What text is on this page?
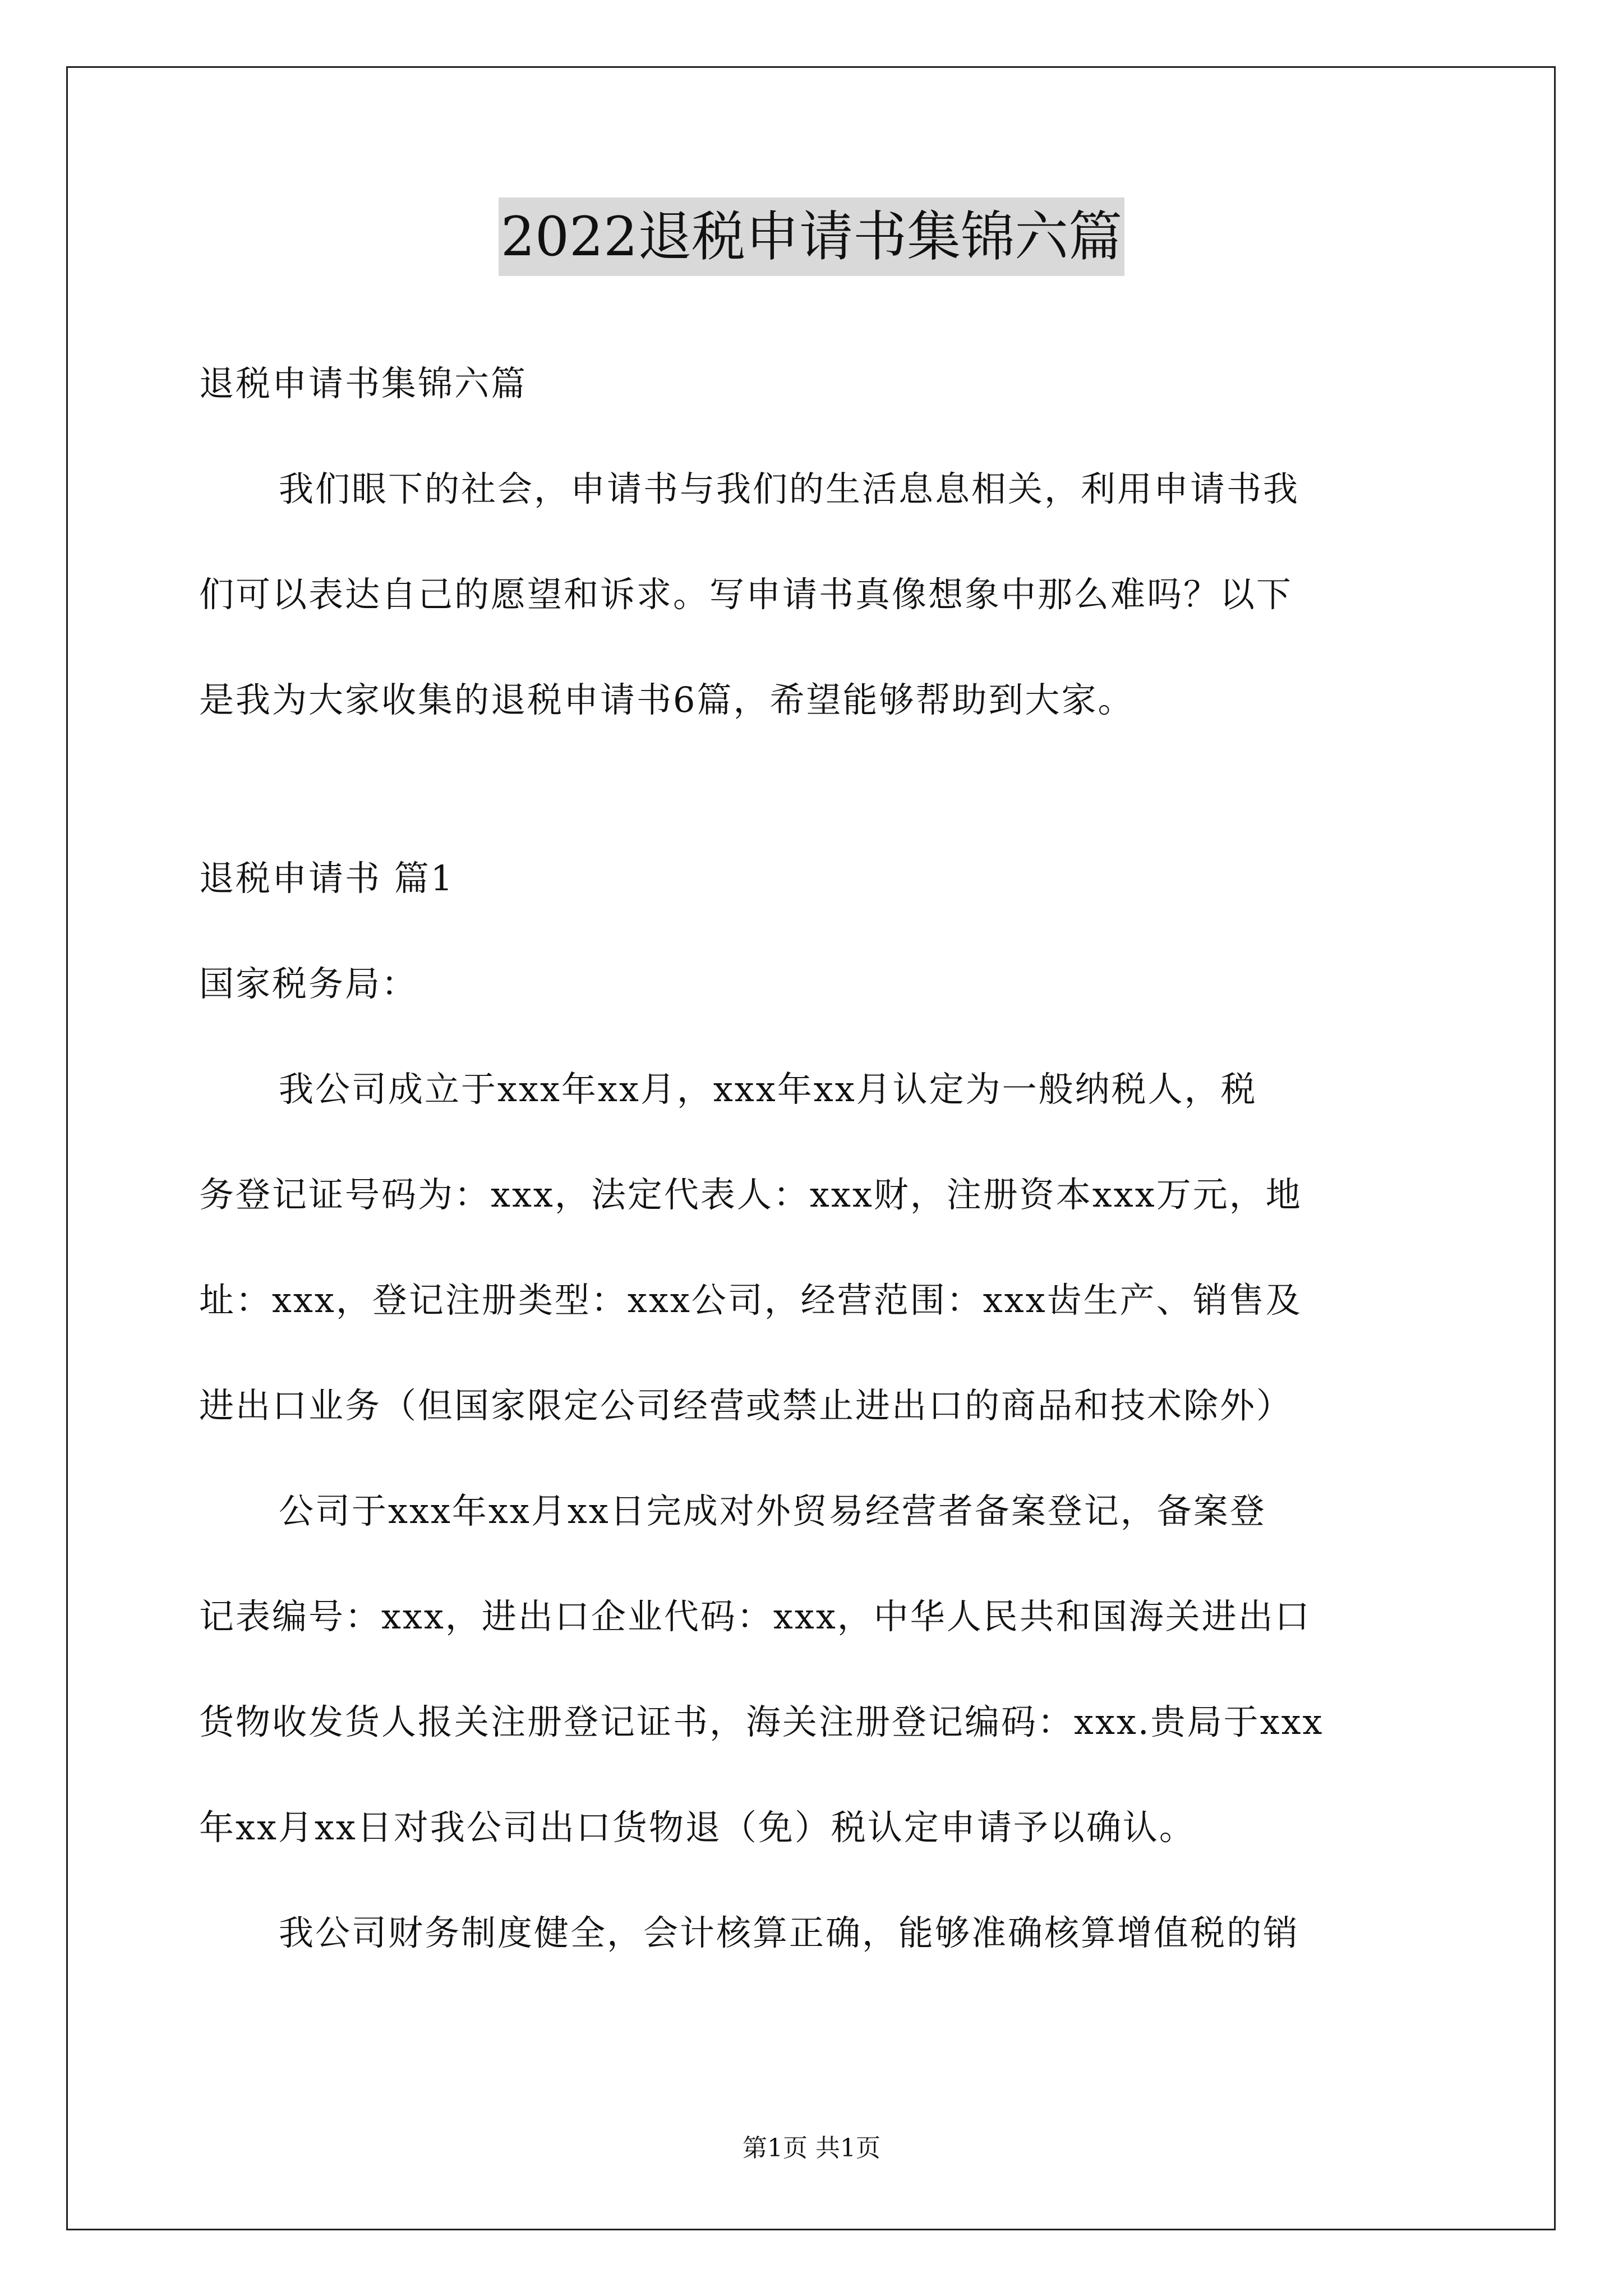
2022退税申请书集锦六篇
退税申请书集锦六篇
我们眼下的社会，申请书与我们的生活息息相关，利用申请书我
们可以表达自己的愿望和诉求。写申请书真像想象中那么难吗？以下
是我为大家收集的退税申请书6篇，希望能够帮助到大家。
退税申请书 篇1
国家税务局：
我公司成立于xxx年xx月，xxx年xx月认定为一般纳税人，税
务登记证号码为：xxx，法定代表人：xxx财，注册资本xxx万元，地
址：xxx，登记注册类型：xxx公司，经营范围：xxx齿生产、销售及
进出口业务（但国家限定公司经营或禁止进出口的商品和技术除外）
公司于xxx年xx月xx日完成对外贸易经营者备案登记，备案登
记表编号：xxx，进出口企业代码：xxx，中华人民共和国海关进出口
货物收发货人报关注册登记证书，海关注册登记编码：xxx.贵局于xxx
年xx月xx日对我公司出口货物退（免）税认定申请予以确认。
我公司财务制度健全，会计核算正确，能够准确核算增值税的销
第1页 共1页
